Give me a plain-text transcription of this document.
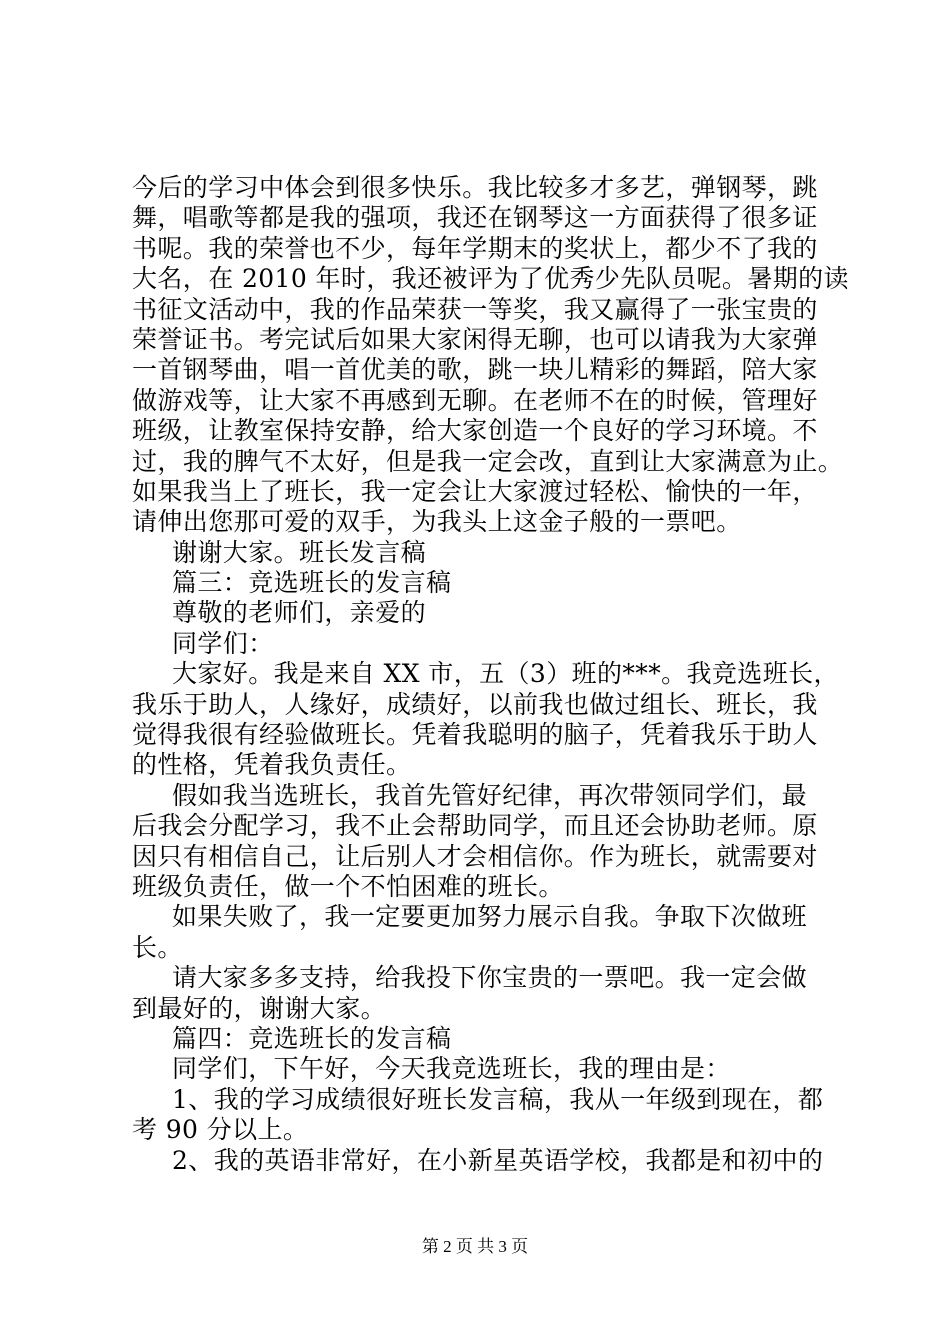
今后的学习中体会到很多快乐。我比较多才多艺，弹钢琴，跳
舞，唱歌等都是我的强项，我还在钢琴这一方面获得了很多证
书呢。我的荣誉也不少，每年学期末的奖状上，都少不了我的
大名，在 2010 年时，我还被评为了优秀少先队员呢。暑期的读
书征文活动中，我的作品荣获一等奖，我又赢得了一张宝贵的
荣誉证书。考完试后如果大家闲得无聊，也可以请我为大家弹
一首钢琴曲，唱一首优美的歌，跳一块儿精彩的舞蹈，陪大家
做游戏等，让大家不再感到无聊。在老师不在的时候，管理好
班级，让教室保持安静，给大家创造一个良好的学习环境。不
过，我的脾气不太好，但是我一定会改，直到让大家满意为止。
如果我当上了班长，我一定会让大家渡过轻松、愉快的一年，
请伸出您那可爱的双手，为我头上这金子般的一票吧。
谢谢大家。班长发言稿
篇三：竞选班长的发言稿
尊敬的老师们，亲爱的
同学们：
大家好。我是来自 XX 市，五（3）班的***。我竞选班长，
我乐于助人，人缘好，成绩好，以前我也做过组长、班长，我
觉得我很有经验做班长。凭着我聪明的脑子，凭着我乐于助人
的性格，凭着我负责任。
假如我当选班长，我首先管好纪律，再次带领同学们，最
后我会分配学习，我不止会帮助同学，而且还会协助老师。原
因只有相信自己，让后别人才会相信你。作为班长，就需要对
班级负责任，做一个不怕困难的班长。
如果失败了，我一定要更加努力展示自我。争取下次做班
长。
请大家多多支持，给我投下你宝贵的一票吧。我一定会做
到最好的，谢谢大家。
篇四：竞选班长的发言稿
同学们，下午好，今天我竞选班长，我的理由是：
1、我的学习成绩很好班长发言稿，我从一年级到现在，都
考 90 分以上。
2、我的英语非常好，在小新星英语学校，我都是和初中的
第 2 页 共 3 页
